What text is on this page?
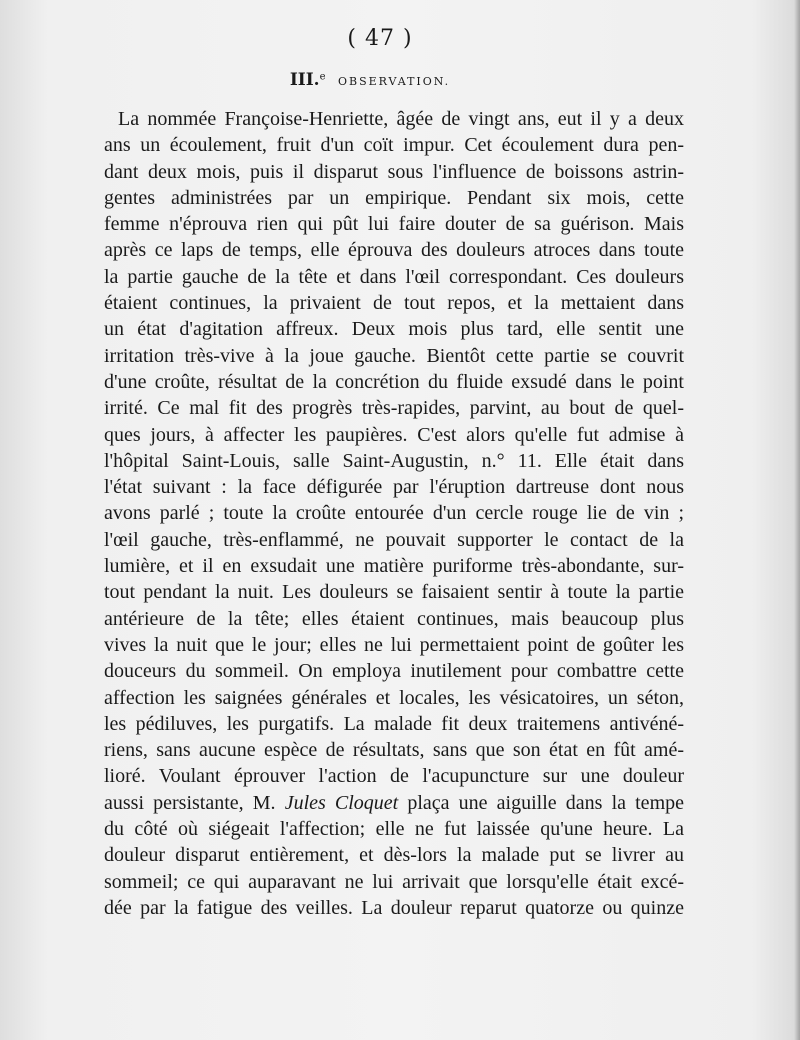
( 47 )
III.$^e$ OBSERVATION.
La nommée Françoise-Henriette, âgée de vingt ans, eut il y a deux
ans un écoulement, fruit d'un coït impur. Cet écoulement dura pen-
dant deux mois, puis il disparut sous l'influence de boissons astrin-
gentes administrées par un empirique. Pendant six mois, cette
femme n'éprouva rien qui pût lui faire douter de sa guérison. Mais
après ce laps de temps, elle éprouva des douleurs atroces dans toute
la partie gauche de la tête et dans l'œil correspondant. Ces douleurs
étaient continues, la privaient de tout repos, et la mettaient dans
un état d'agitation affreux. Deux mois plus tard, elle sentit une
irritation très-vive à la joue gauche. Bientôt cette partie se couvrit
d'une croûte, résultat de la concrétion du fluide exsudé dans le point
irrité. Ce mal fit des progrès très-rapides, parvint, au bout de quel-
ques jours, à affecter les paupières. C'est alors qu'elle fut admise à
l'hôpital Saint-Louis, salle Saint-Augustin, n.° 11. Elle était dans
l'état suivant : la face défigurée par l'éruption dartreuse dont nous
avons parlé ; toute la croûte entourée d'un cercle rouge lie de vin ;
l'œil gauche, très-enflammé, ne pouvait supporter le contact de la
lumière, et il en exsudait une matière puriforme très-abondante, sur-
tout pendant la nuit. Les douleurs se faisaient sentir à toute la partie
antérieure de la tête; elles étaient continues, mais beaucoup plus
vives la nuit que le jour; elles ne lui permettaient point de goûter les
douceurs du sommeil. On employa inutilement pour combattre cette
affection les saignées générales et locales, les vésicatoires, un séton,
les pédiluves, les purgatifs. La malade fit deux traitemens antivéné-
riens, sans aucune espèce de résultats, sans que son état en fût amé-
lioré. Voulant éprouver l'action de l'acupuncture sur une douleur
aussi persistante, M. Jules Cloquet plaça une aiguille dans la tempe
du côté où siégeait l'affection; elle ne fut laissée qu'une heure. La
douleur disparut entièrement, et dès-lors la malade put se livrer au
sommeil; ce qui auparavant ne lui arrivait que lorsqu'elle était excé-
dée par la fatigue des veilles. La douleur reparut quatorze ou quinze
